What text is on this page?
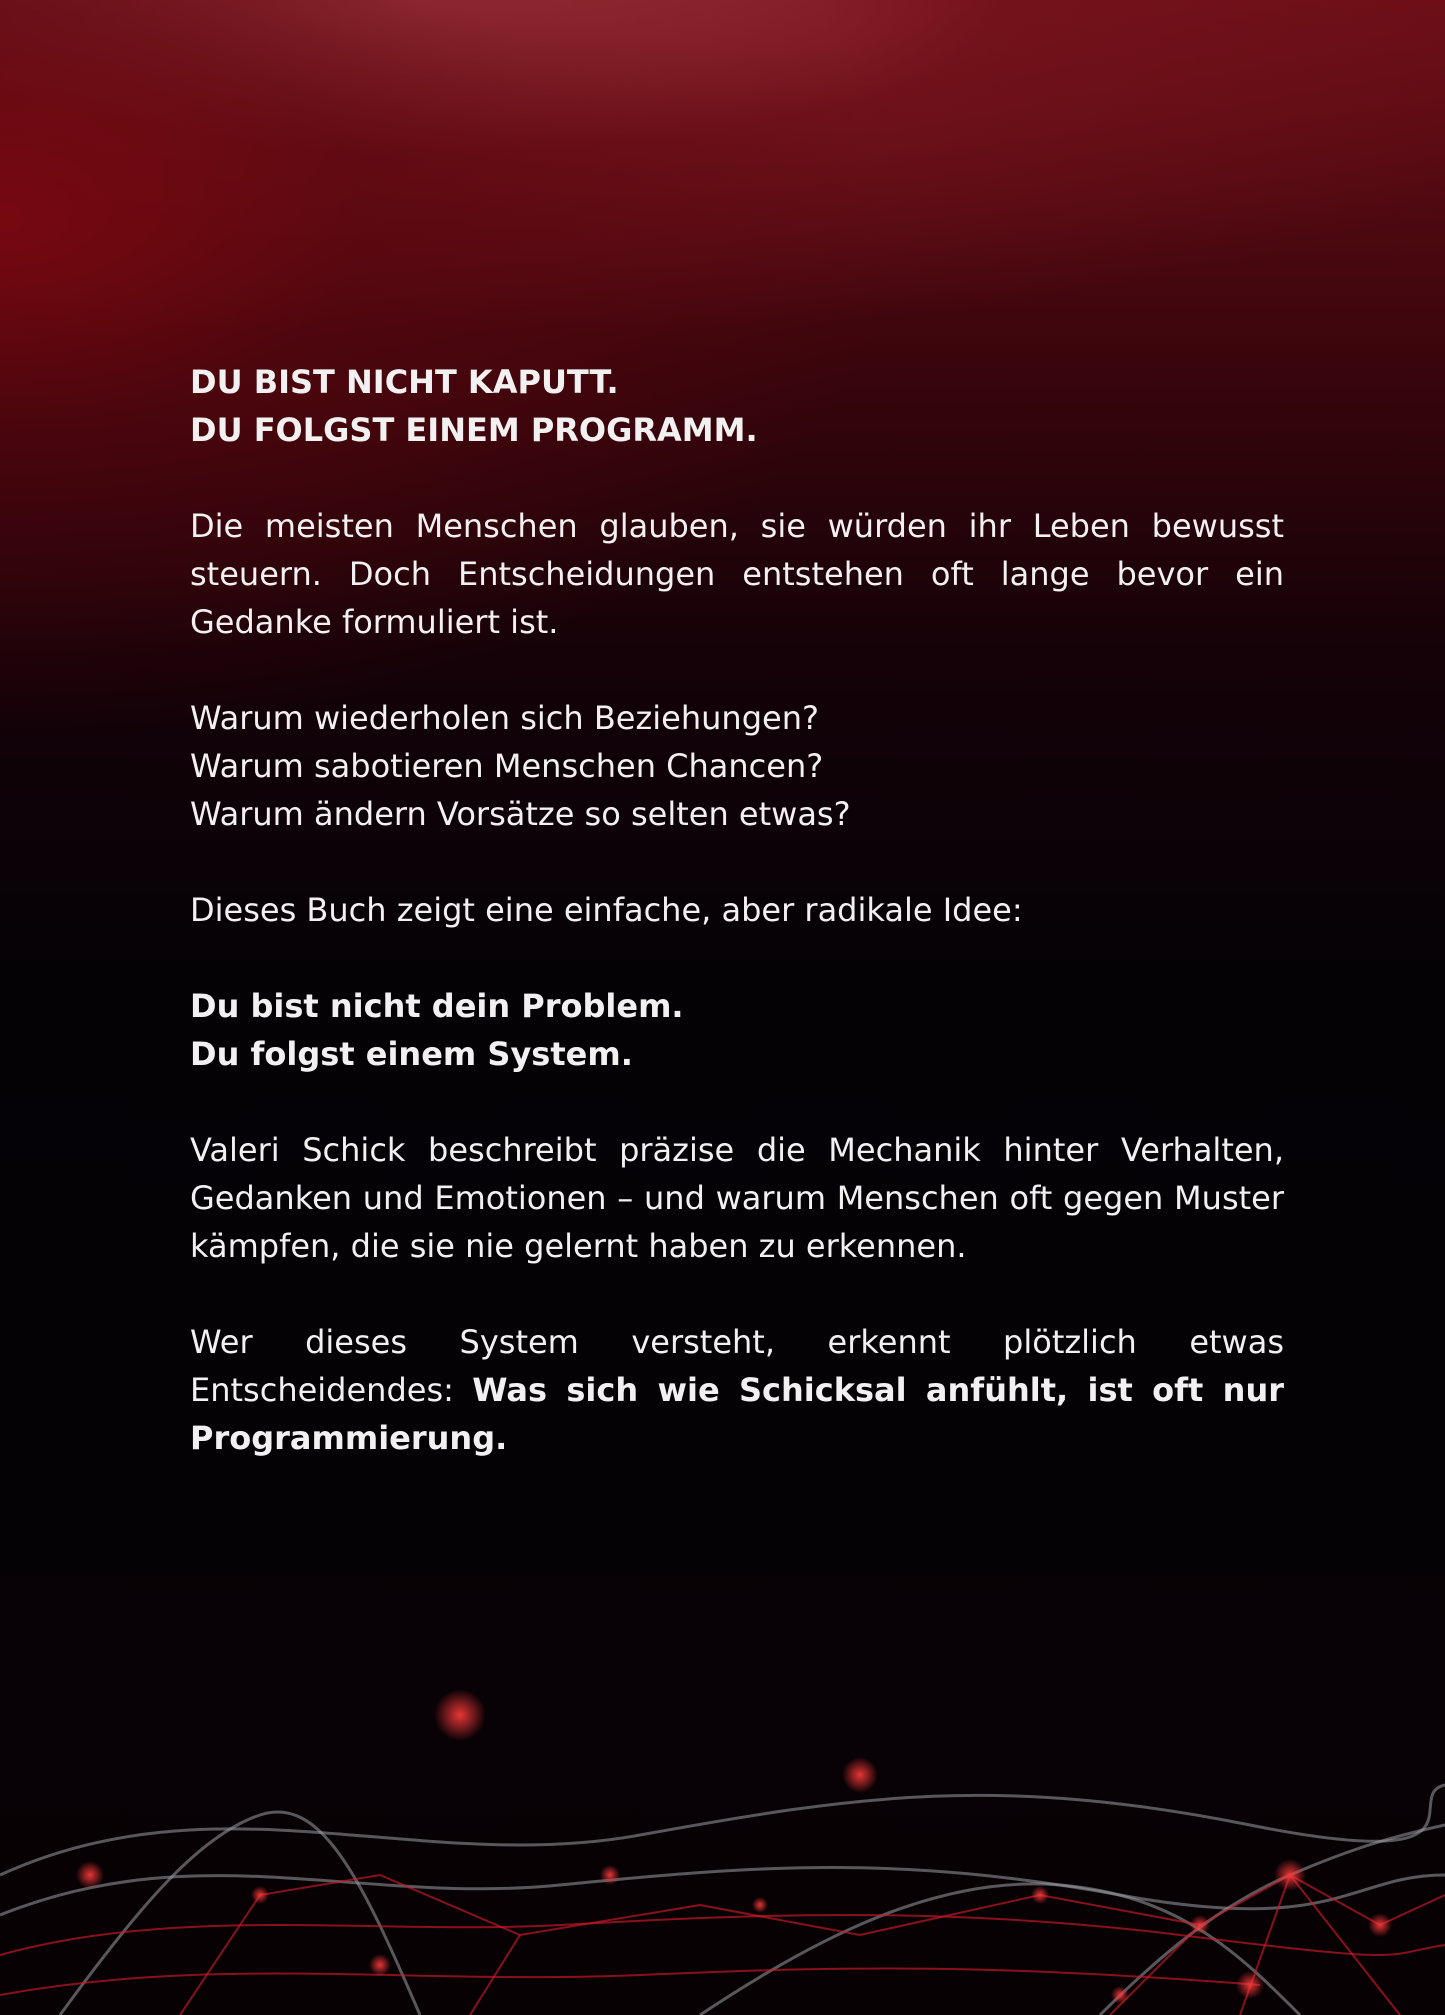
DU BIST NICHT KAPUTT.
DU FOLGST EINEM PROGRAMM.

Die meisten Menschen glauben, sie würden ihr Leben bewusst steuern. Doch Entscheidungen entstehen oft lange bevor ein Gedanke formuliert ist.

Warum wiederholen sich Beziehungen?
Warum sabotieren Menschen Chancen?
Warum ändern Vorsätze so selten etwas?

Dieses Buch zeigt eine einfache, aber radikale Idee:

Du bist nicht dein Problem.
Du folgst einem System.

Valeri Schick beschreibt präzise die Mechanik hinter Verhalten, Gedanken und Emotionen – und warum Menschen oft gegen Muster kämpfen, die sie nie gelernt haben zu erkennen.

Wer dieses System versteht, erkennt plötzlich etwas Entscheidendes: Was sich wie Schicksal anfühlt, ist oft nur Programmierung.
